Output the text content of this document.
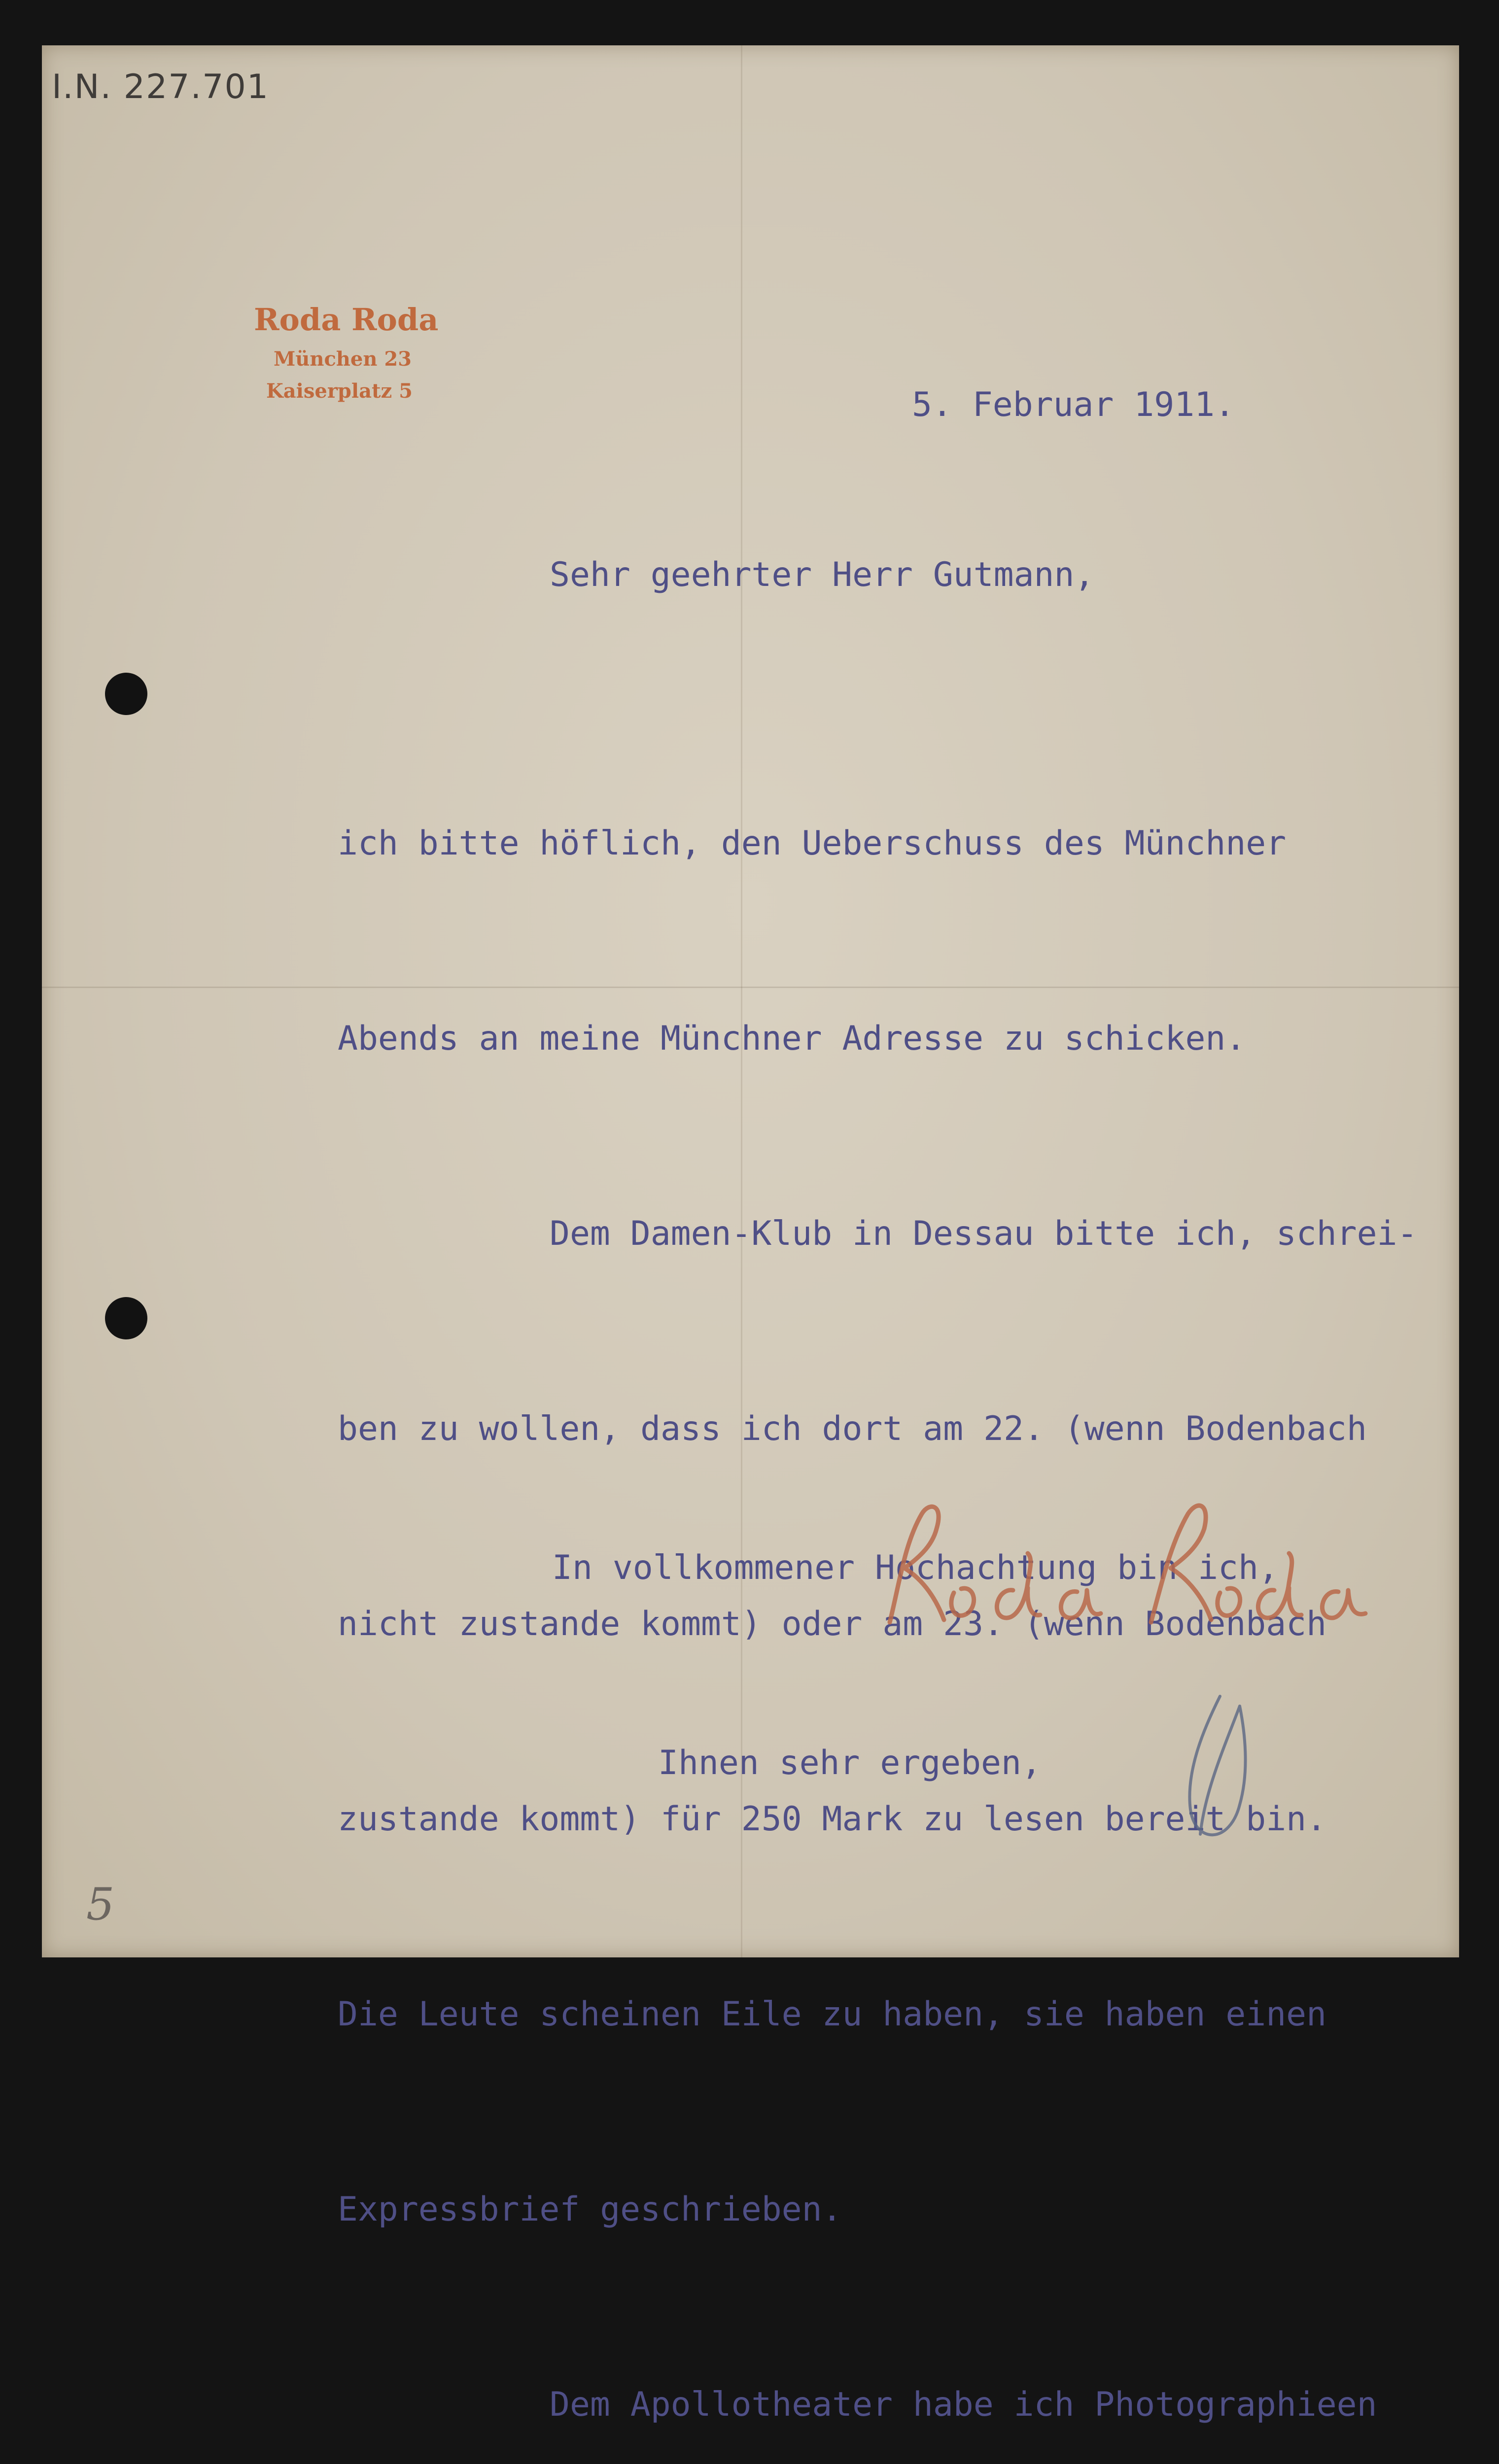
I.N. 227.701
Roda Roda
München 23
Kaiserplatz 5	5. Februar 1911.
Sehr geehrter Herr Gutmann,

ich bitte höflich, den Ueberschuss des Münchner

Abends an meine Münchner Adresse zu schicken.

Dem Damen-Klub in Dessau bitte ich, schrei-

ben zu wollen, dass ich dort am 22. (wenn Bodenbach

nicht zustande kommt) oder am 23. (wenn Bodenbach

zustande kommt) für 250 Mark zu lesen bereit bin.

Die Leute scheinen Eile zu haben, sie haben einen

Expressbrief geschrieben.

Dem Apollotheater habe ich Photographieen

In vollkommener Hochachtung bin ich,

Ihnen sehr ergeben,

5
